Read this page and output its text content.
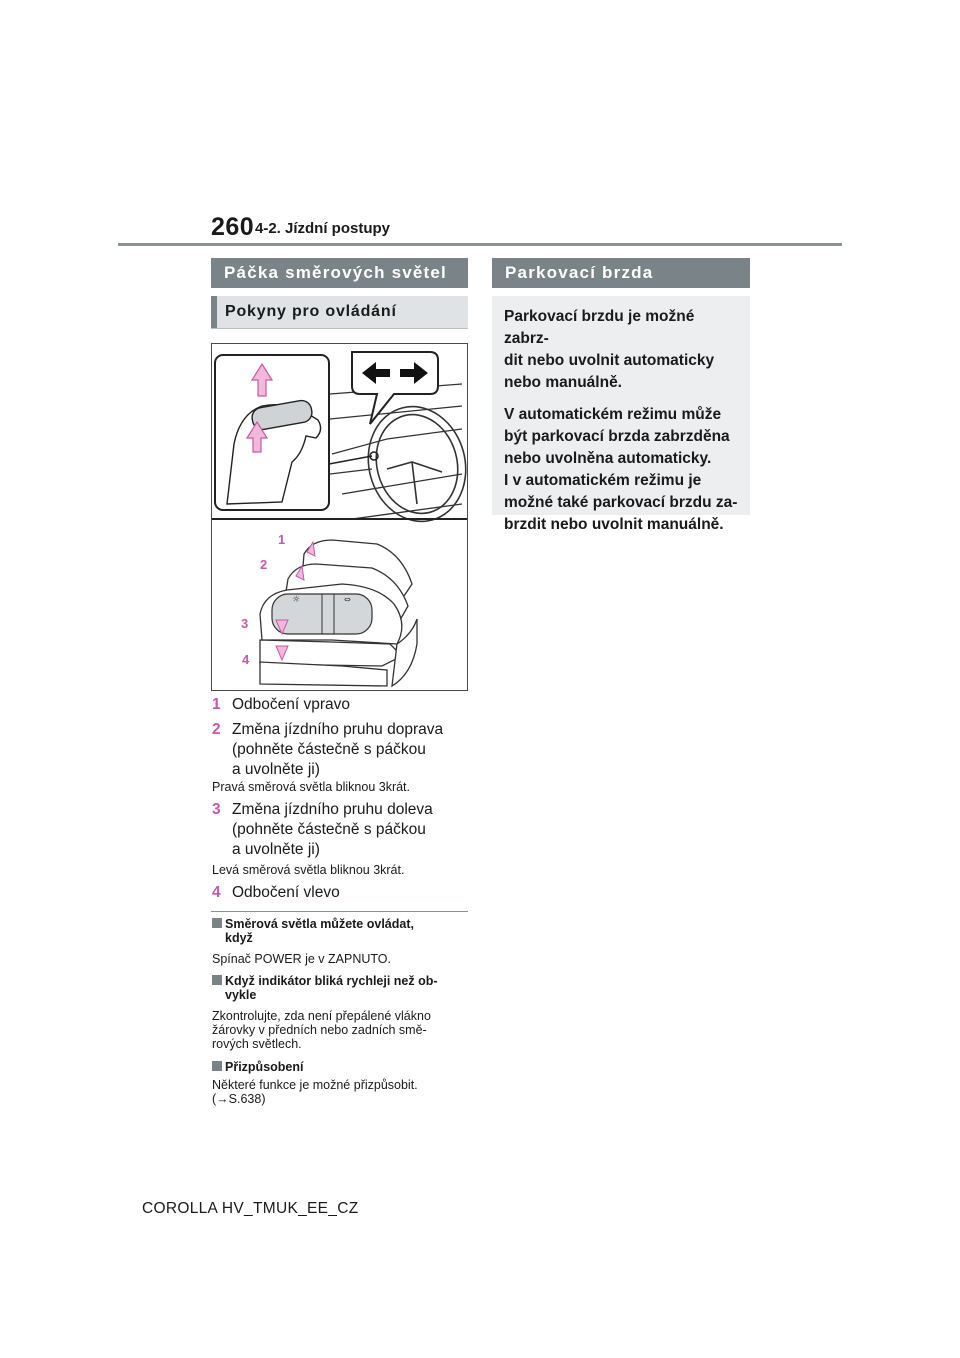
260 4-2. Jízdní postupy
Páčka směrových světel
Pokyny pro ovládání
☼	⇔
1
2
3
4
1 Odbočení vpravo
2 Změna jízdního pruhu doprava
(pohněte částečně s páčkou
a uvolněte ji)
Pravá směrová světla bliknou 3krát.
3 Změna jízdního pruhu doleva
(pohněte částečně s páčkou
a uvolněte ji)
Levá směrová světla bliknou 3krát.
4 Odbočení vlevo
Směrová světla můžete ovládat,
když
Spínač POWER je v ZAPNUTO.
Když indikátor bliká rychleji než ob-
vykle
Zkontrolujte, zda není přepálené vlákno
žárovky v předních nebo zadních smě-
rových světlech.
Přizpůsobení
Některé funkce je možné přizpůsobit.
(→S.638)
Parkovací brzda

Parkovací brzdu je možné zabrz-
dit nebo uvolnit automaticky
nebo manuálně.

V automatickém režimu může
být parkovací brzda zabrzděna
nebo uvolněna automaticky.
I v automatickém režimu je
možné také parkovací brzdu za-
brzdit nebo uvolnit manuálně.

COROLLA HV_TMUK_EE_CZ
